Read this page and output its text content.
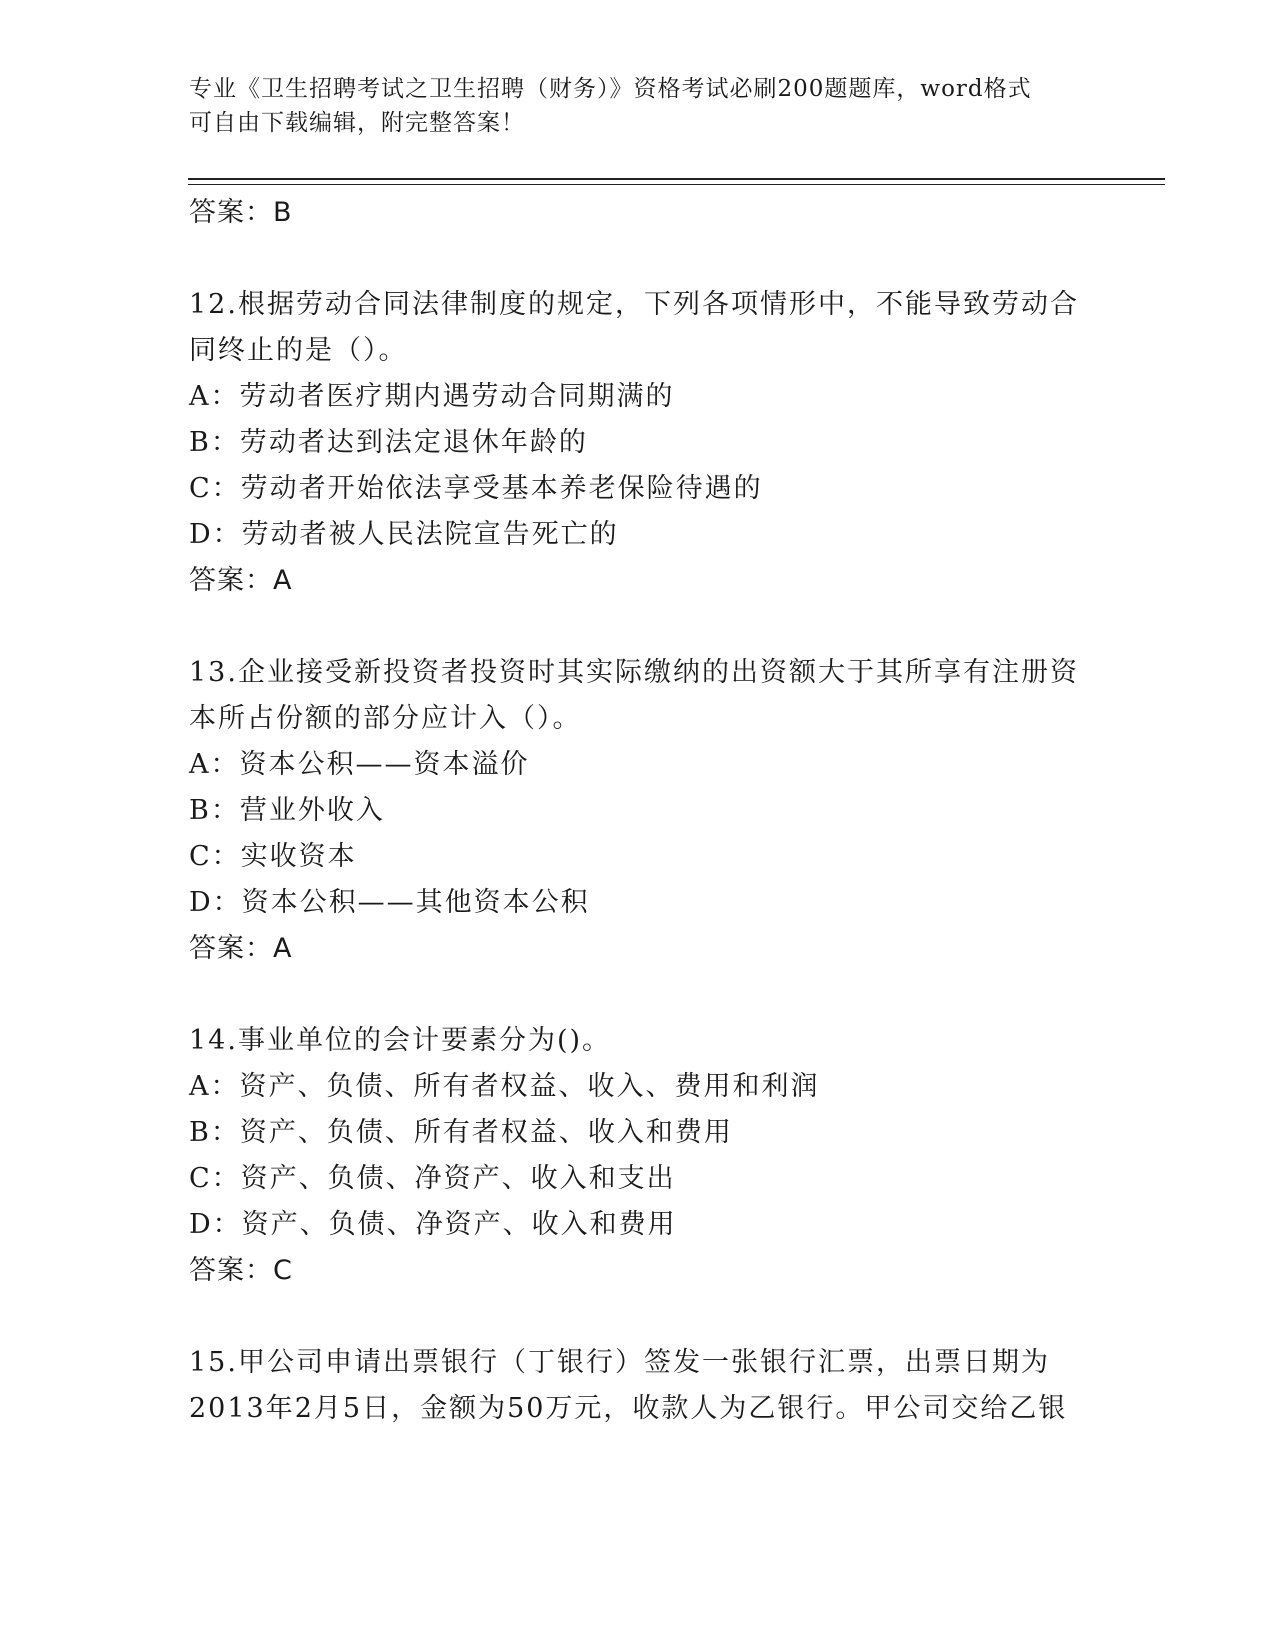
专业《卫生招聘考试之卫生招聘（财务）》资格考试必刷200题题库，word格式
可自由下载编辑，附完整答案！
答案：B
12.根据劳动合同法律制度的规定，下列各项情形中，不能导致劳动合
同终止的是（）。
A：劳动者医疗期内遇劳动合同期满的
B：劳动者达到法定退休年龄的
C：劳动者开始依法享受基本养老保险待遇的
D：劳动者被人民法院宣告死亡的
答案：A
13.企业接受新投资者投资时其实际缴纳的出资额大于其所享有注册资
本所占份额的部分应计入（）。
A：资本公积——资本溢价
B：营业外收入
C：实收资本
D：资本公积——其他资本公积
答案：A
14.事业单位的会计要素分为()。
A：资产、负债、所有者权益、收入、费用和利润
B：资产、负债、所有者权益、收入和费用
C：资产、负债、净资产、收入和支出
D：资产、负债、净资产、收入和费用
答案：C
15.甲公司申请出票银行（丁银行）签发一张银行汇票，出票日期为
2013年2月5日，金额为50万元，收款人为乙银行。甲公司交给乙银
